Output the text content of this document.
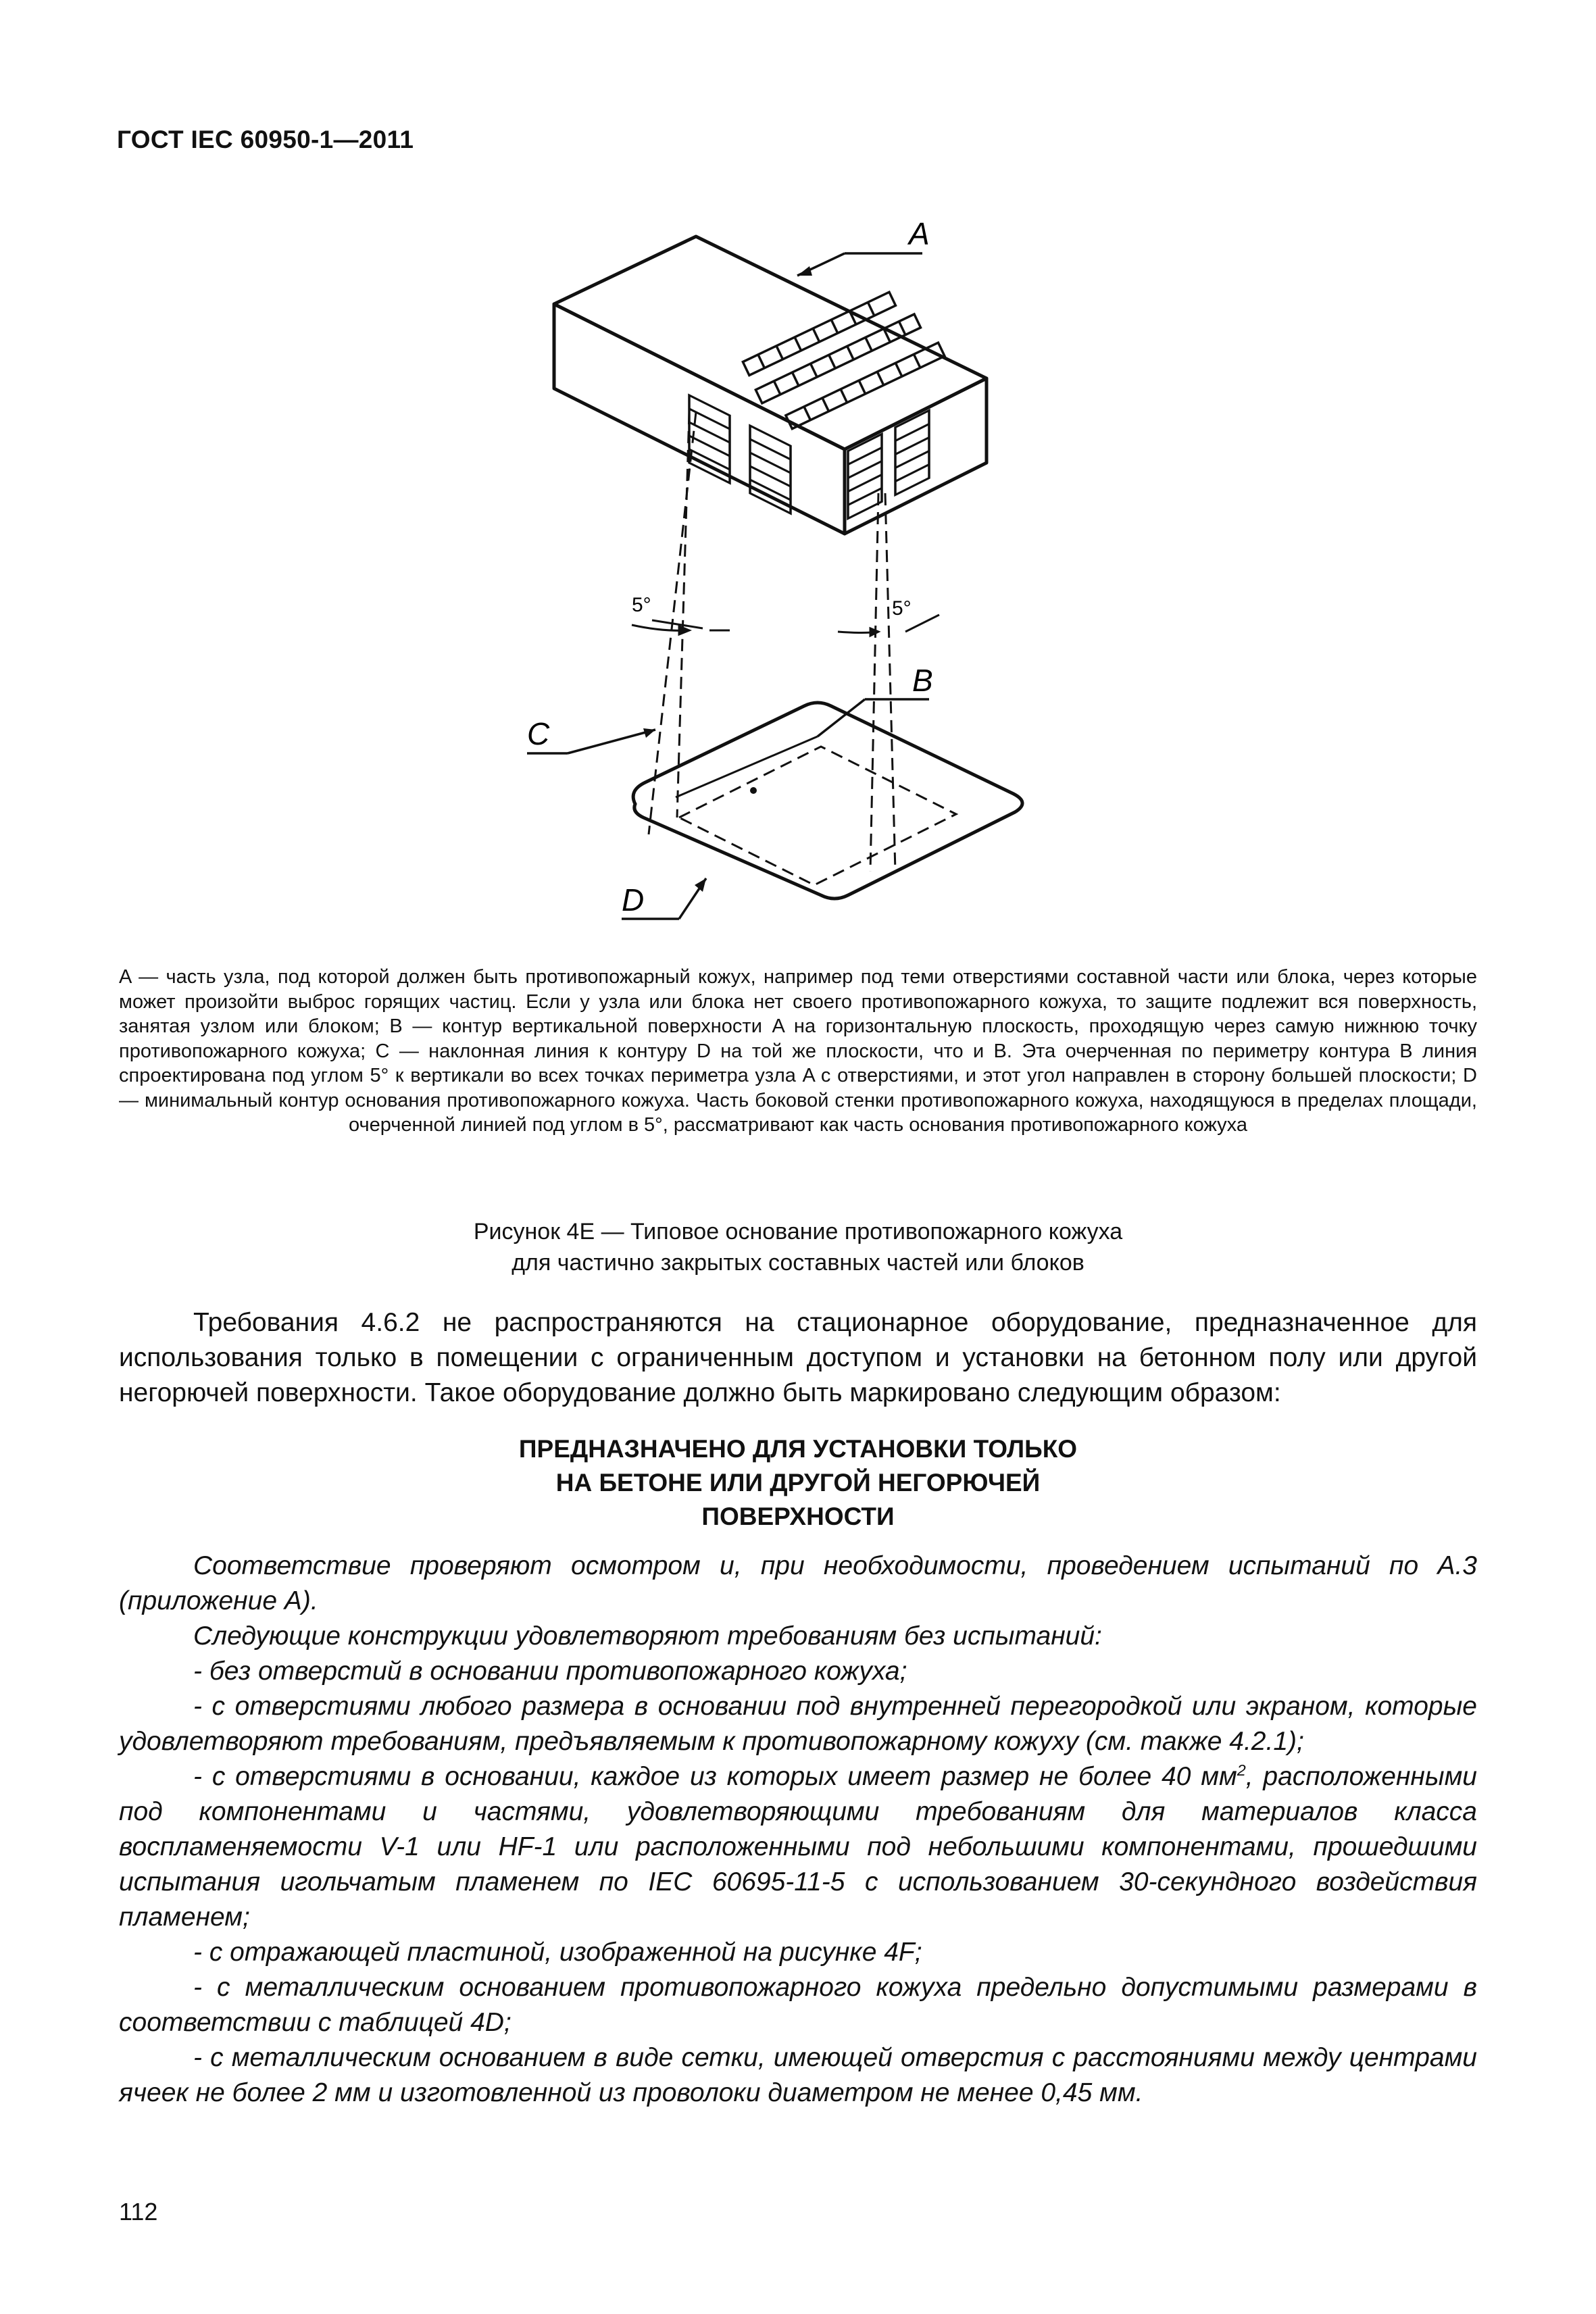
ГОСТ IEC 60950-1—2011
A
B
C
D
5°	5°
A — часть узла, под которой должен быть противопожарный кожух, например под теми отверстиями составной части или блока, через которые может произойти выброс горящих частиц. Если у узла или блока нет своего противопожарного кожуха, то защите подлежит вся поверхность, занятая узлом или блоком; B — контур вертикальной поверхности A на горизонтальную плоскость, проходящую через самую нижнюю точку противопожарного кожуха; C — наклонная линия к контуру D на той же плоскости, что и B. Эта очерченная по периметру контура B линия спроектирована под углом 5° к вертикали во всех точках периметра узла A с отверстиями, и этот угол направлен в сторону большей плоскости; D — минимальный контур основания противопожарного кожуха. Часть боковой стенки противопожарного кожуха, находящуюся в пределах площади, очерченной линией под углом в 5°, рассматривают как часть основания противопожарного кожуха
Рисунок 4Е — Типовое основание противопожарного кожуха
для частично закрытых составных частей или блоков
Требования 4.6.2 не распространяются на стационарное оборудование, предназначенное для использования только в помещении с ограниченным доступом и установки на бетонном полу или другой негорючей поверхности. Такое оборудование должно быть маркировано следующим образом:
ПРЕДНАЗНАЧЕНО ДЛЯ УСТАНОВКИ ТОЛЬКО
НА БЕТОНЕ ИЛИ ДРУГОЙ НЕГОРЮЧЕЙ
ПОВЕРХНОСТИ

Соответствие проверяют осмотром и, при необходимости, проведением испытаний по А.3 (приложение А).

Следующие конструкции удовлетворяют требованиям без испытаний:

- без отверстий в основании противопожарного кожуха;

- с отверстиями любого размера в основании под внутренней перегородкой или экраном, которые удовлетворяют требованиям, предъявляемым к противопожарному кожуху (см. также 4.2.1);

- с отверстиями в основании, каждое из которых имеет размер не более 40 $мм^2$, расположенными под компонентами и частями, удовлетворяющими требованиям для материалов класса воспламеняемости V-1 или HF-1 или расположенными под небольшими компонентами, прошедшими испытания игольчатым пламенем по IEC 60695-11-5 с использованием 30-секундного воздействия пламенем;

- с отражающей пластиной, изображенной на рисунке 4F;

- с металлическим основанием противопожарного кожуха предельно допустимыми размерами в соответствии с таблицей 4D;

- с металлическим основанием в виде сетки, имеющей отверстия с расстояниями между центрами ячеек не более 2 мм и изготовленной из проволоки диаметром не менее 0,45 мм.

112
